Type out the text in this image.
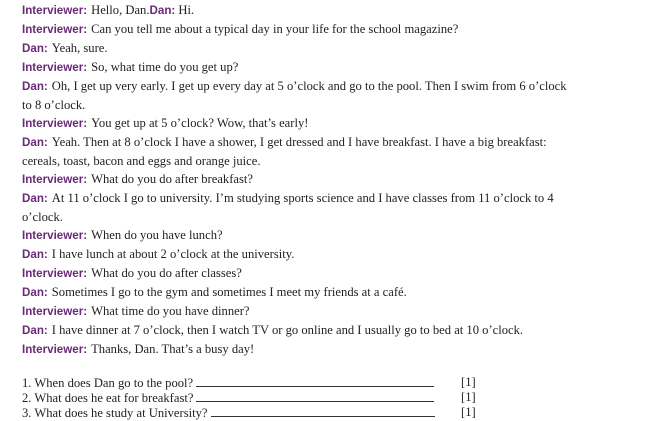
Interviewer: Hello, Dan.Dan: Hi.
Interviewer: Can you tell me about a typical day in your life for the school magazine?
Dan: Yeah, sure.
Interviewer: So, what time do you get up?
Dan: Oh, I get up very early. I get up every day at 5 o’clock and go to the pool. Then I swim from 6 o’clock
to 8 o’clock.
Interviewer: You get up at 5 o’clock? Wow, that’s early!
Dan: Yeah. Then at 8 o’clock I have a shower, I get dressed and I have breakfast. I have a big breakfast:
cereals, toast, bacon and eggs and orange juice.
Interviewer: What do you do after breakfast?
Dan: At 11 o’clock I go to university. I’m studying sports science and I have classes from 11 o’clock to 4
o’clock.
Interviewer: When do you have lunch?
Dan: I have lunch at about 2 o’clock at the university.
Interviewer: What do you do after classes?
Dan: Sometimes I go to the gym and sometimes I meet my friends at a café.
Interviewer: What time do you have dinner?
Dan: I have dinner at 7 o’clock, then I watch TV or go online and I usually go to bed at 10 o’clock.
Interviewer: Thanks, Dan. That’s a busy day!
1. When does Dan go to the pool?	[1]
2. What does he eat for breakfast?	[1]
3. What does he study at University?	[1]
